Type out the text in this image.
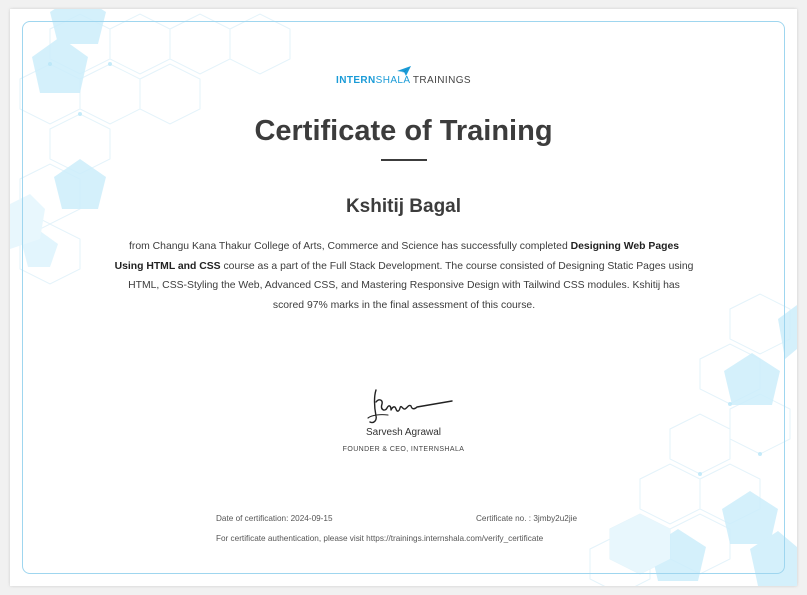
INTERNSHALA TRAININGS
Certificate of Training
Kshitij Bagal
from Changu Kana Thakur College of Arts, Commerce and Science has successfully completed Designing Web Pages Using HTML and CSS course as a part of the Full Stack Development. The course consisted of Designing Static Pages using HTML, CSS-Styling the Web, Advanced CSS, and Mastering Responsive Design with Tailwind CSS modules. Kshitij has scored 97% marks in the final assessment of this course.
Sarvesh Agrawal
FOUNDER & CEO, INTERNSHALA
Date of certification: 2024-09-15	Certificate no. : 3jmby2u2jie
For certificate authentication, please visit https://trainings.internshala.com/verify_certificate
